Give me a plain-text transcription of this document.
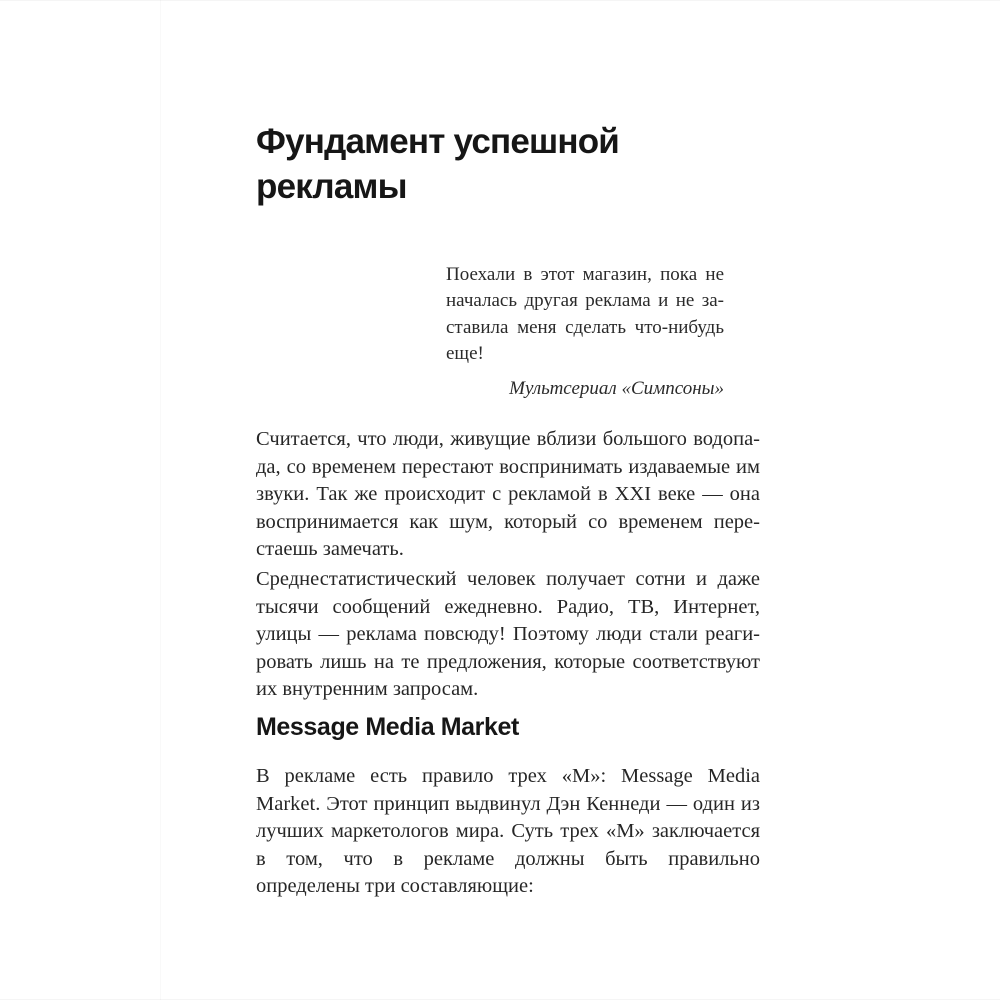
Фундамент успешной рекламы
Поехали в этот магазин, пока не началась другая реклама и не заставила меня сделать что-нибудь еще!
Мультсериал «Симпсоны»

Считается, что люди, живущие вблизи большого водопада, со временем перестают воспринимать издаваемые им звуки. Так же происходит с рекламой в XXI веке — она воспринимается как шум, который со временем перестаешь замечать.

Среднестатистический человек получает сотни и даже тысячи сообщений ежедневно. Радио, ТВ, Интернет, улицы — реклама повсюду! Поэтому люди стали реагировать лишь на те предложения, которые соответствуют их внутренним запросам.

Message Media Market

В рекламе есть правило трех «М»: Message Media Market. Этот принцип выдвинул Дэн Кеннеди — один из лучших маркетологов мира. Суть трех «М» заключается в том, что в рекламе должны быть правильно определены три составляющие:
